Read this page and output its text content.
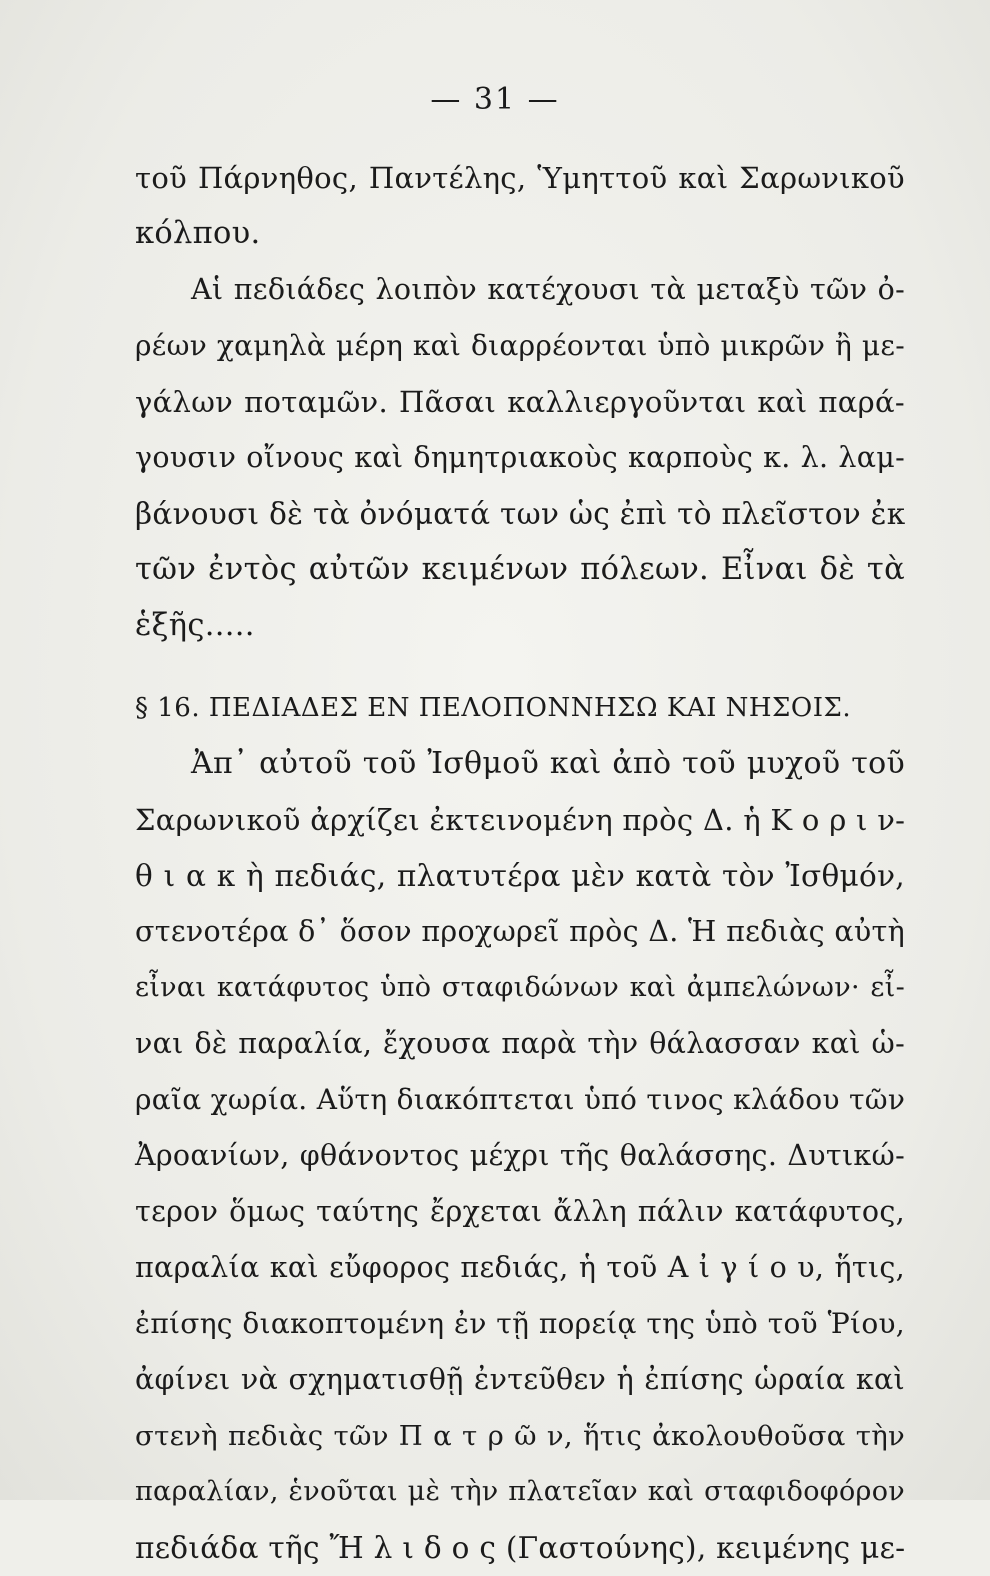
— 31 —
τοῦ Πάρνηθος, Παντέλης, Ὑμηττοῦ καὶ Σαρωνικοῦ
κόλπου.
Αἱ πεδιάδες λοιπὸν κατέχουσι τὰ μεταξὺ τῶν ὀ-
ρέων χαμηλὰ μέρη καὶ διαρρέονται ὑπὸ μικρῶν ἢ με-
γάλων ποταμῶν. Πᾶσαι καλλιεργοῦνται καὶ παρά-
γουσιν οἴνους καὶ δημητριακοὺς καρποὺς κ. λ. λαμ-
βάνουσι δὲ τὰ ὀνόματά των ὡς ἐπὶ τὸ πλεῖστον ἐκ
τῶν ἐντὸς αὐτῶν κειμένων πόλεων. Εἶναι δὲ τὰ
ἑξῆς.....
§ 16. ΠΕΔΙΑΔΕΣ ΕΝ ΠΕΛΟΠΟΝΝΗΣΩ ΚΑΙ ΝΗΣΟΙΣ.
Ἀπ᾽ αὐτοῦ τοῦ Ἰσθμοῦ καὶ ἀπὸ τοῦ μυχοῦ τοῦ
Σαρωνικοῦ ἀρχίζει ἐκτεινομένη πρὸς Δ. ἡ Κ ο ρ ι ν-
θ ι α κ ὴ πεδιάς, πλατυτέρα μὲν κατὰ τὸν Ἰσθμόν,
στενοτέρα δ᾽ ὅσον προχωρεῖ πρὸς Δ. Ἡ πεδιὰς αὐτὴ
εἶναι κατάφυτος ὑπὸ σταφιδώνων καὶ ἀμπελώνων· εἶ-
ναι δὲ παραλία, ἔχουσα παρὰ τὴν θάλασσαν καὶ ὡ-
ραῖα χωρία. Αὕτη διακόπτεται ὑπό τινος κλάδου τῶν
Ἀροανίων, φθάνοντος μέχρι τῆς θαλάσσης. Δυτικώ-
τερον ὅμως ταύτης ἔρχεται ἄλλη πάλιν κατάφυτος,
παραλία καὶ εὔφορος πεδιάς, ἡ τοῦ Α ἰ γ ί ο υ, ἥτις,
ἐπίσης διακοπτομένη ἐν τῇ πορείᾳ της ὑπὸ τοῦ Ῥίου,
ἀφίνει νὰ σχηματισθῇ ἐντεῦθεν ἡ ἐπίσης ὡραία καὶ
στενὴ πεδιὰς τῶν Π α τ ρ ῶ ν, ἥτις ἀκολουθοῦσα τὴν
παραλίαν, ἑνοῦται μὲ τὴν πλατεῖαν καὶ σταφιδοφόρον
πεδιάδα τῆς Ἤ λ ι δ ο ς (Γαστούνης), κειμένης με-
